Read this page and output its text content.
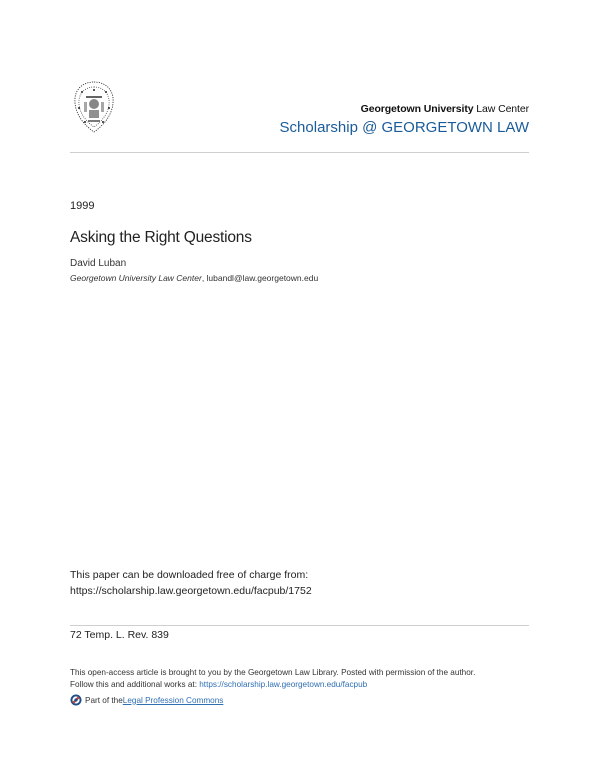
Georgetown University Law Center
Scholarship @ GEORGETOWN LAW
1999
Asking the Right Questions
David Luban
Georgetown University Law Center, lubandl@law.georgetown.edu
This paper can be downloaded free of charge from:
https://scholarship.law.georgetown.edu/facpub/1752
72 Temp. L. Rev. 839
This open-access article is brought to you by the Georgetown Law Library. Posted with permission of the author.
Follow this and additional works at: https://scholarship.law.georgetown.edu/facpub
Part of the Legal Profession Commons
